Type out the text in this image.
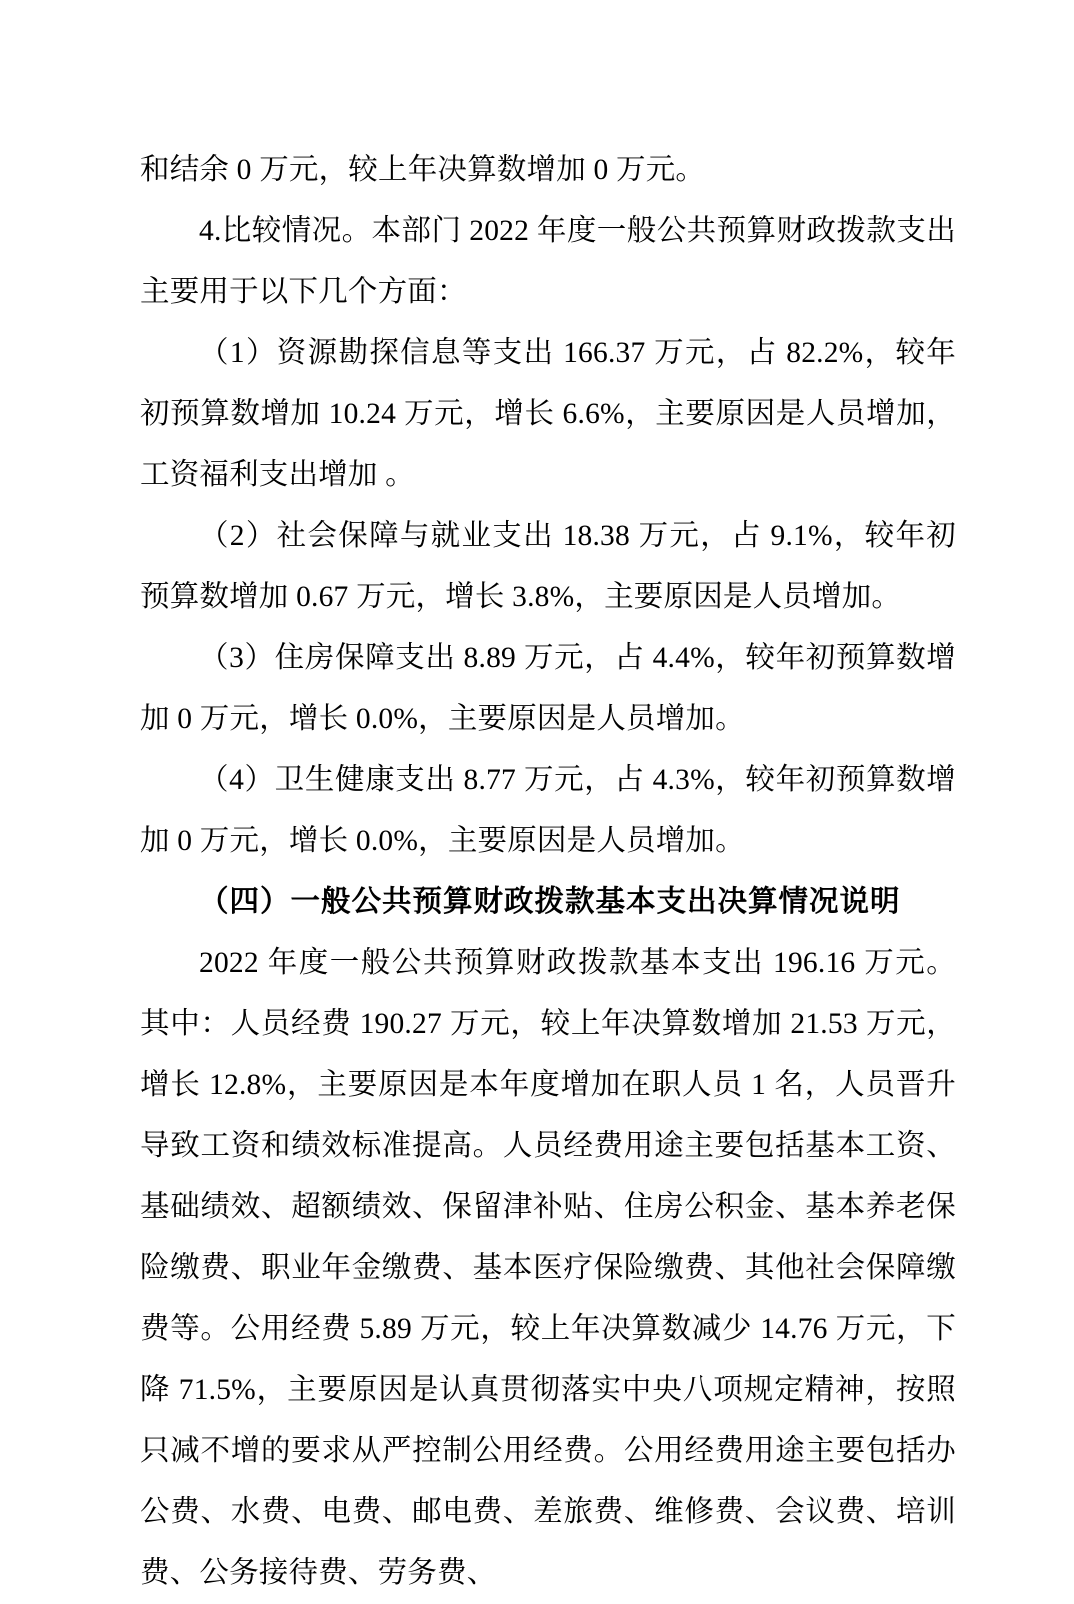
和结余 0 万元，较上年决算数增加 0 万元。

4.比较情况。本部门 2022 年度一般公共预算财政拨款支出主要用于以下几个方面：

（1）资源勘探信息等支出 166.37 万元，占 82.2%，较年初预算数增加 10.24 万元，增长 6.6%，主要原因是人员增加，工资福利支出增加 。

（2）社会保障与就业支出 18.38 万元，占 9.1%，较年初预算数增加 0.67 万元，增长 3.8%，主要原因是人员增加。

（3）住房保障支出 8.89 万元，占 4.4%，较年初预算数增加 0 万元，增长 0.0%，主要原因是人员增加。

（4）卫生健康支出 8.77 万元，占 4.3%，较年初预算数增加 0 万元，增长 0.0%，主要原因是人员增加。

（四）一般公共预算财政拨款基本支出决算情况说明

2022 年度一般公共预算财政拨款基本支出 196.16 万元。其中：人员经费 190.27 万元，较上年决算数增加 21.53 万元，增长 12.8%，主要原因是本年度增加在职人员 1 名，人员晋升导致工资和绩效标准提高。人员经费用途主要包括基本工资、基础绩效、超额绩效、保留津补贴、住房公积金、基本养老保险缴费、职业年金缴费、基本医疗保险缴费、其他社会保障缴费等。公用经费 5.89 万元，较上年决算数减少 14.76 万元，下降 71.5%，主要原因是认真贯彻落实中央八项规定精神，按照只减不增的要求从严控制公用经费。公用经费用途主要包括办公费、水费、电费、邮电费、差旅费、维修费、会议费、培训费、公务接待费、劳务费、
